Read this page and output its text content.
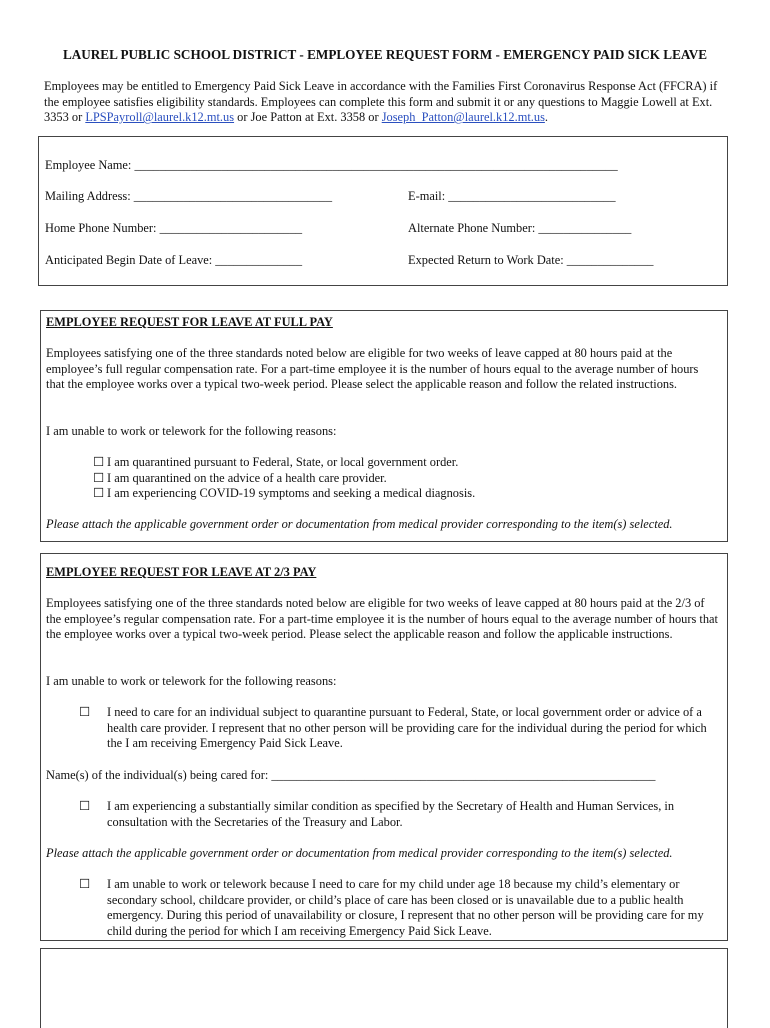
LAUREL PUBLIC SCHOOL DISTRICT - EMPLOYEE REQUEST FORM - EMERGENCY PAID SICK LEAVE
Employees may be entitled to Emergency Paid Sick Leave in accordance with the Families First Coronavirus Response Act (FFCRA) if the employee satisfies eligibility standards. Employees can complete this form and submit it or any questions to Maggie Lowell at Ext. 3353 or LPSPayroll@laurel.k12.mt.us or Joe Patton at Ext. 3358 or Joseph_Patton@laurel.k12.mt.us.
Employee Name: ______________________________________________________________________________
Mailing Address: ________________________________	E-mail: ___________________________
Home Phone Number: _______________________	Alternate Phone Number: _______________
Anticipated Begin Date of Leave: ______________	Expected Return to Work Date: ______________
EMPLOYEE REQUEST FOR LEAVE AT FULL PAY
Employees satisfying one of the three standards noted below are eligible for two weeks of leave capped at 80 hours paid at the employee’s full regular compensation rate. For a part-time employee it is the number of hours equal to the average number of hours that the employee works over a typical two-week period. Please select the applicable reason and follow the related instructions.
I am unable to work or telework for the following reasons:
☐ I am quarantined pursuant to Federal, State, or local government order.
☐ I am quarantined on the advice of a health care provider.
☐ I am experiencing COVID-19 symptoms and seeking a medical diagnosis.
Please attach the applicable government order or documentation from medical provider corresponding to the item(s) selected.
EMPLOYEE REQUEST FOR LEAVE AT 2/3 PAY
Employees satisfying one of the three standards noted below are eligible for two weeks of leave capped at 80 hours paid at the 2/3 of the employee’s regular compensation rate. For a part-time employee it is the number of hours equal to the average number of hours that the employee works over a typical two-week period. Please select the applicable reason and follow the applicable instructions.
I am unable to work or telework for the following reasons:
☐ I need to care for an individual subject to quarantine pursuant to Federal, State, or local government order or advice of a health care provider. I represent that no other person will be providing care for the individual during the period for which the I am receiving Emergency Paid Sick Leave.
Name(s) of the individual(s) being cared for: ______________________________________________________________
☐ I am experiencing a substantially similar condition as specified by the Secretary of Health and Human Services, in consultation with the Secretaries of the Treasury and Labor.
Please attach the applicable government order or documentation from medical provider corresponding to the item(s) selected.
☐ I am unable to work or telework because I need to care for my child under age 18 because my child’s elementary or secondary school, childcare provider, or child’s place of care has been closed or is unavailable due to a public health emergency. During this period of unavailability or closure, I represent that no other person will be providing care for my child during the period for which I am receiving Emergency Paid Sick Leave.
